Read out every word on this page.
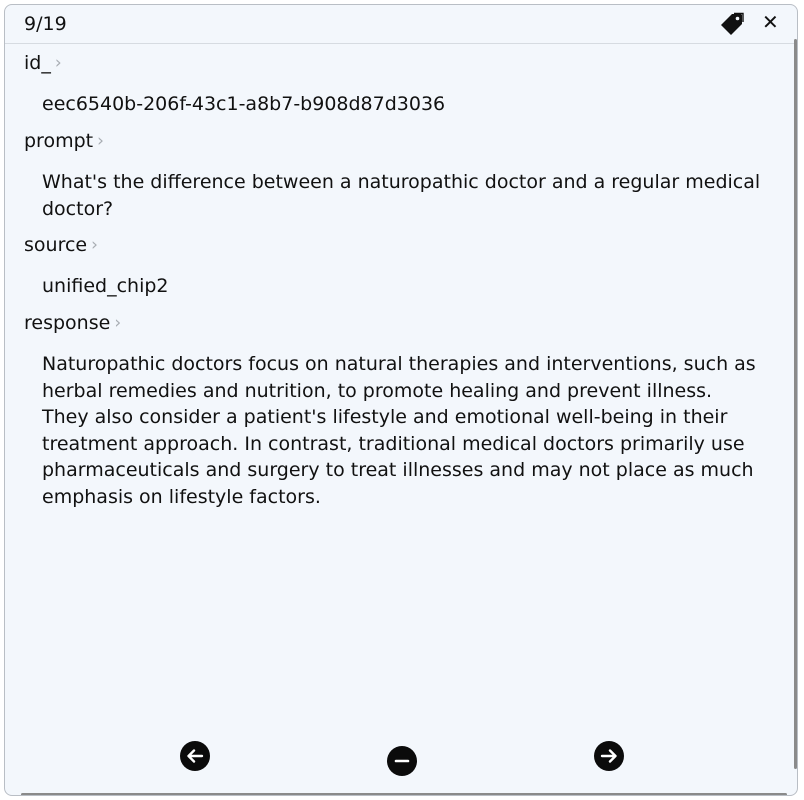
9/19	✕
id_ ›
eec6540b-206f-43c1-a8b7-b908d87d3036
prompt ›
What's the difference between a naturopathic doctor and a regular medical doctor?
source ›
unified_chip2
response ›
Naturopathic doctors focus on natural therapies and interventions, such as herbal remedies and nutrition, to promote healing and prevent illness. They also consider a patient's lifestyle and emotional well-being in their treatment approach. In contrast, traditional medical doctors primarily use pharmaceuticals and surgery to treat illnesses and may not place as much emphasis on lifestyle factors.
